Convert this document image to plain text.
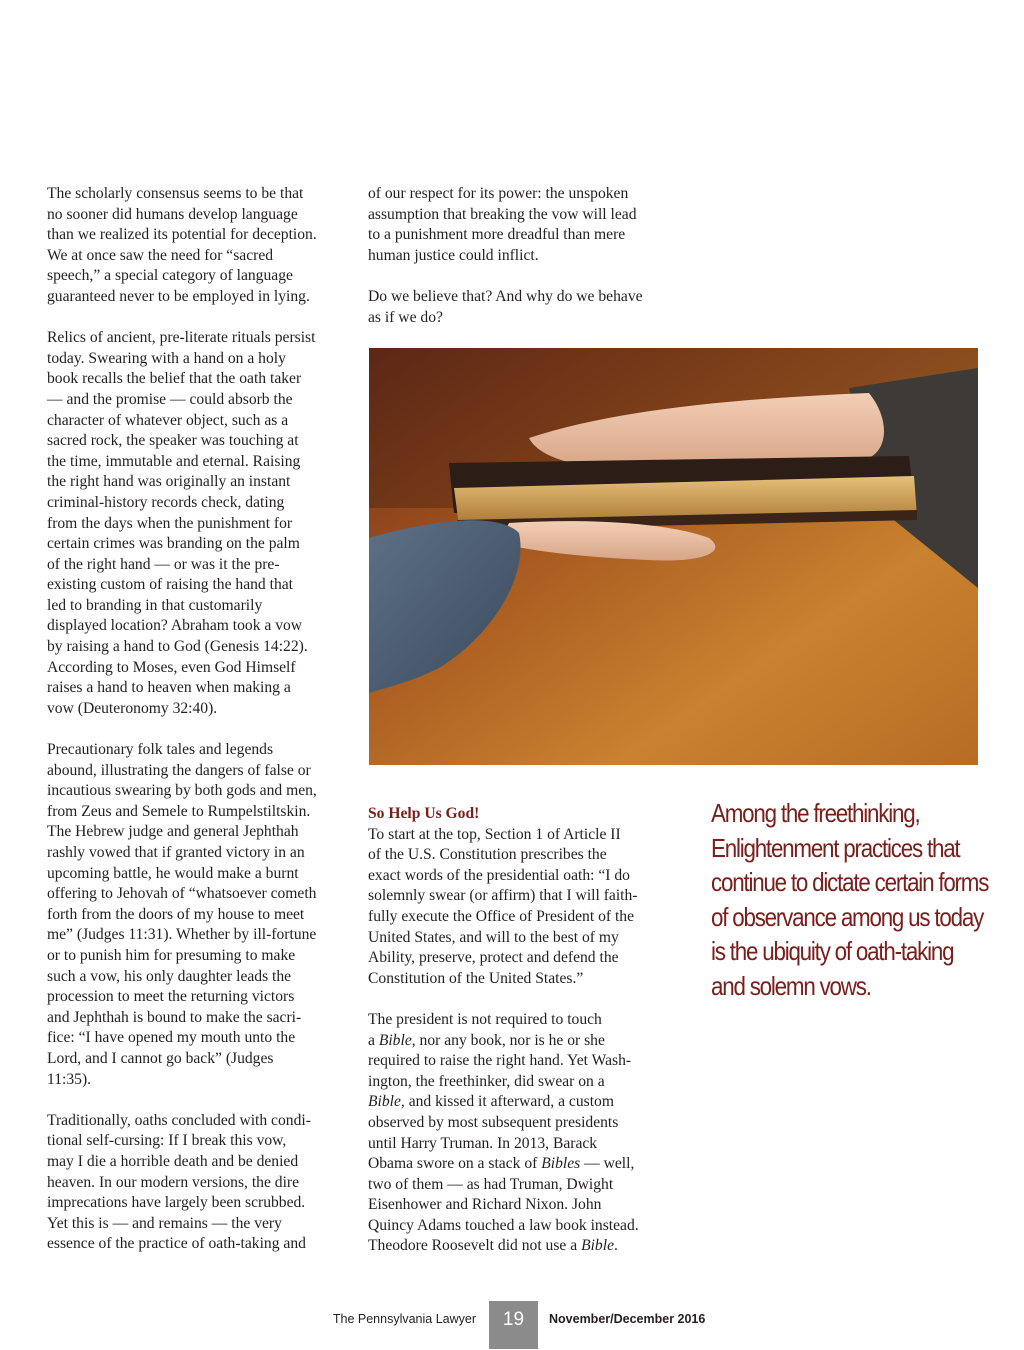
The scholarly consensus seems to be that
no sooner did humans develop language
than we realized its potential for deception.
We at once saw the need for “sacred
speech,” a special category of language
guaranteed never to be employed in lying.

Relics of ancient, pre-literate rituals persist
today. Swearing with a hand on a holy
book recalls the belief that the oath taker
— and the promise — could absorb the
character of whatever object, such as a
sacred rock, the speaker was touching at
the time, immutable and eternal. Raising
the right hand was originally an instant
criminal-history records check, dating
from the days when the punishment for
certain crimes was branding on the palm
of the right hand — or was it the pre-
existing custom of raising the hand that
led to branding in that customarily
displayed location? Abraham took a vow
by raising a hand to God (Genesis 14:22).
According to Moses, even God Himself
raises a hand to heaven when making a
vow (Deuteronomy 32:40).

Precautionary folk tales and legends
abound, illustrating the dangers of false or
incautious swearing by both gods and men,
from Zeus and Semele to Rumpelstiltskin.
The Hebrew judge and general Jephthah
rashly vowed that if granted victory in an
upcoming battle, he would make a burnt
offering to Jehovah of “whatsoever cometh
forth from the doors of my house to meet
me” (Judges 11:31). Whether by ill-fortune
or to punish him for presuming to make
such a vow, his only daughter leads the
procession to meet the returning victors
and Jephthah is bound to make the sacri-
fice: “I have opened my mouth unto the
Lord, and I cannot go back” (Judges
11:35).

Traditionally, oaths concluded with condi-
tional self-cursing: If I break this vow,
may I die a horrible death and be denied
heaven. In our modern versions, the dire
imprecations have largely been scrubbed.
Yet this is — and remains — the very
essence of the practice of oath-taking and

of our respect for its power: the unspoken
assumption that breaking the vow will lead
to a punishment more dreadful than mere
human justice could inflict.

Do we believe that? And why do we behave
as if we do?

So Help Us God!

To start at the top, Section 1 of Article II
of the U.S. Constitution prescribes the
exact words of the presidential oath: “I do
solemnly swear (or affirm) that I will faith-
fully execute the Office of President of the
United States, and will to the best of my
Ability, preserve, protect and defend the
Constitution of the United States.”

The president is not required to touch
a Bible, nor any book, nor is he or she
required to raise the right hand. Yet Wash-
ington, the freethinker, did swear on a
Bible, and kissed it afterward, a custom
observed by most subsequent presidents
until Harry Truman. In 2013, Barack
Obama swore on a stack of Bibles — well,
two of them — as had Truman, Dwight
Eisenhower and Richard Nixon. John
Quincy Adams touched a law book instead.
Theodore Roosevelt did not use a Bible.

Among the freethinking,
Enlightenment practices that
continue to dictate certain forms
of observance among us today
is the ubiquity of oath-taking
and solemn vows.

The Pennsylvania Lawyer	19	November/December 2016
